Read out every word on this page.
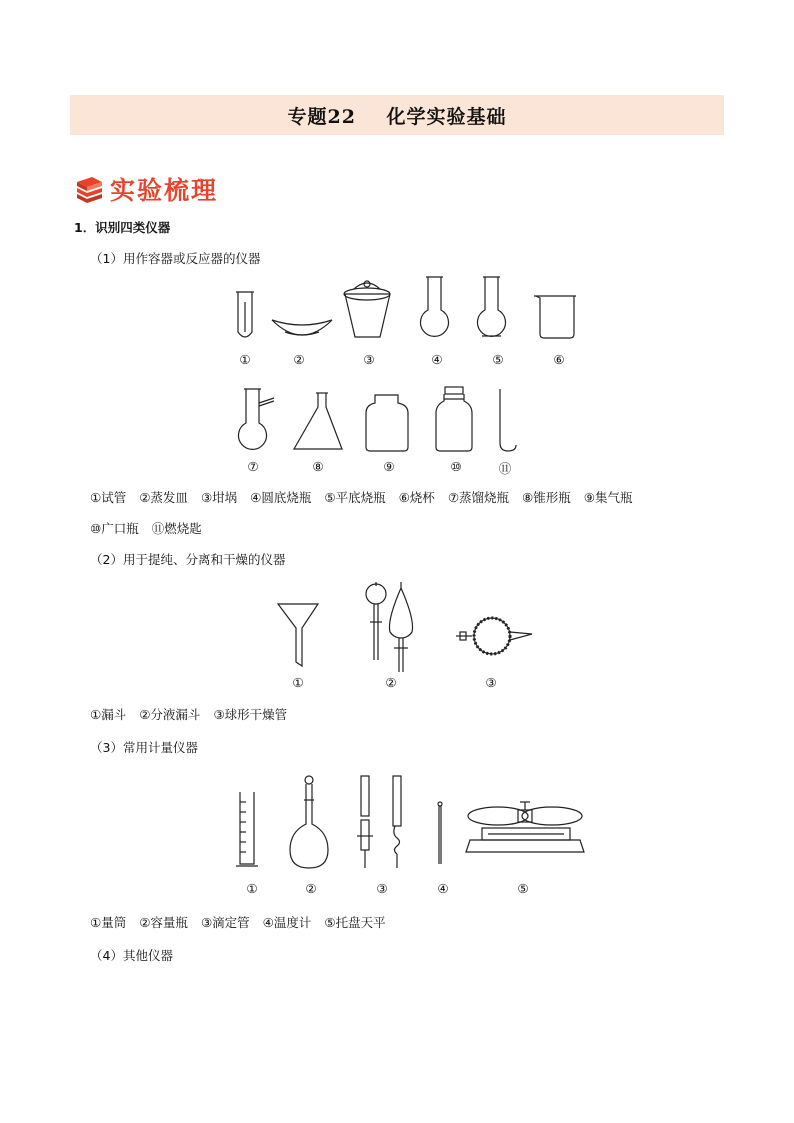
专题22
化学实验基础
实验梳理
1．识别四类仪器
（1）用作容器或反应器的仪器
①	②	③	④	⑤	⑥
⑦	⑧	⑨	⑩	⑪
①试管 ②蒸发皿 ③坩埚 ④圆底烧瓶 ⑤平底烧瓶 ⑥烧杯 ⑦蒸馏烧瓶 ⑧锥形瓶 ⑨集气瓶
⑩广口瓶 ⑪燃烧匙
（2）用于提纯、分离和干燥的仪器
①	②	③
①漏斗 ②分液漏斗 ③球形干燥管
（3）常用计量仪器
①	②	③	④	⑤
①量筒 ②容量瓶 ③滴定管 ④温度计 ⑤托盘天平
（4）其他仪器
